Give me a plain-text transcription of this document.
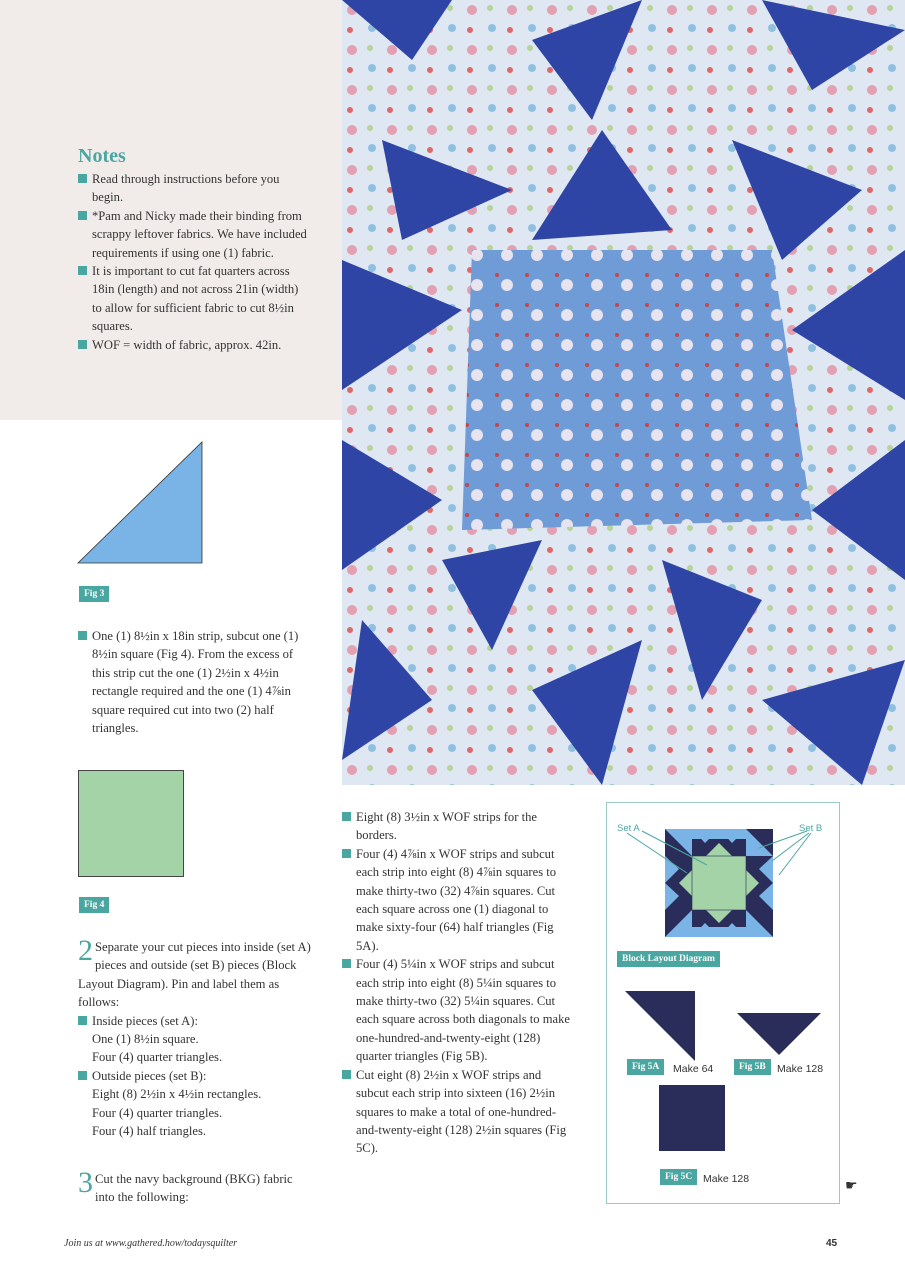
Notes
Read through instructions before you begin.
*Pam and Nicky made their binding from scrappy leftover fabrics. We have included requirements if using one (1) fabric.
It is important to cut fat quarters across 18in (length) and not across 21in (width) to allow for sufficient fabric to cut 8½in squares.
WOF = width of fabric, approx. 42in.
Fig 3
One (1) 8½in x 18in strip, subcut one (1) 8½in square (Fig 4). From the excess of this strip cut the one (1) 2½in x 4½in rectangle required and the one (1) 4⅞in square required cut into two (2) half triangles.
Fig 4
2 Separate your cut pieces into inside (set A) pieces and outside (set B) pieces (Block Layout Diagram). Pin and label them as follows:
Inside pieces (set A):
One (1) 8½in square.
Four (4) quarter triangles.
Outside pieces (set B):
Eight (8) 2½in x 4½in rectangles.
Four (4) quarter triangles.
Four (4) half triangles.
3 Cut the navy background (BKG) fabric into the following:
Eight (8) 3½in x WOF strips for the borders.
Four (4) 4⅞in x WOF strips and subcut each strip into eight (8) 4⅞in squares to make thirty-two (32) 4⅞in squares. Cut each square across one (1) diagonal to make sixty-four (64) half triangles (Fig 5A).
Four (4) 5¼in x WOF strips and subcut each strip into eight (8) 5¼in squares to make thirty-two (32) 5¼in squares. Cut each square across both diagonals to make one-hundred-and-twenty-eight (128) quarter triangles (Fig 5B).
Cut eight (8) 2½in x WOF strips and subcut each strip into sixteen (16) 2½in squares to make a total of one-hundred-and-twenty-eight (128) 2½in squares (Fig 5C).
Set A	Set B
Block Layout Diagram
Fig 5A	Make 64	Fig 5B	Make 128
Fig 5C	Make 128	☛
Join us at www.gathered.how/todaysquilter	45
